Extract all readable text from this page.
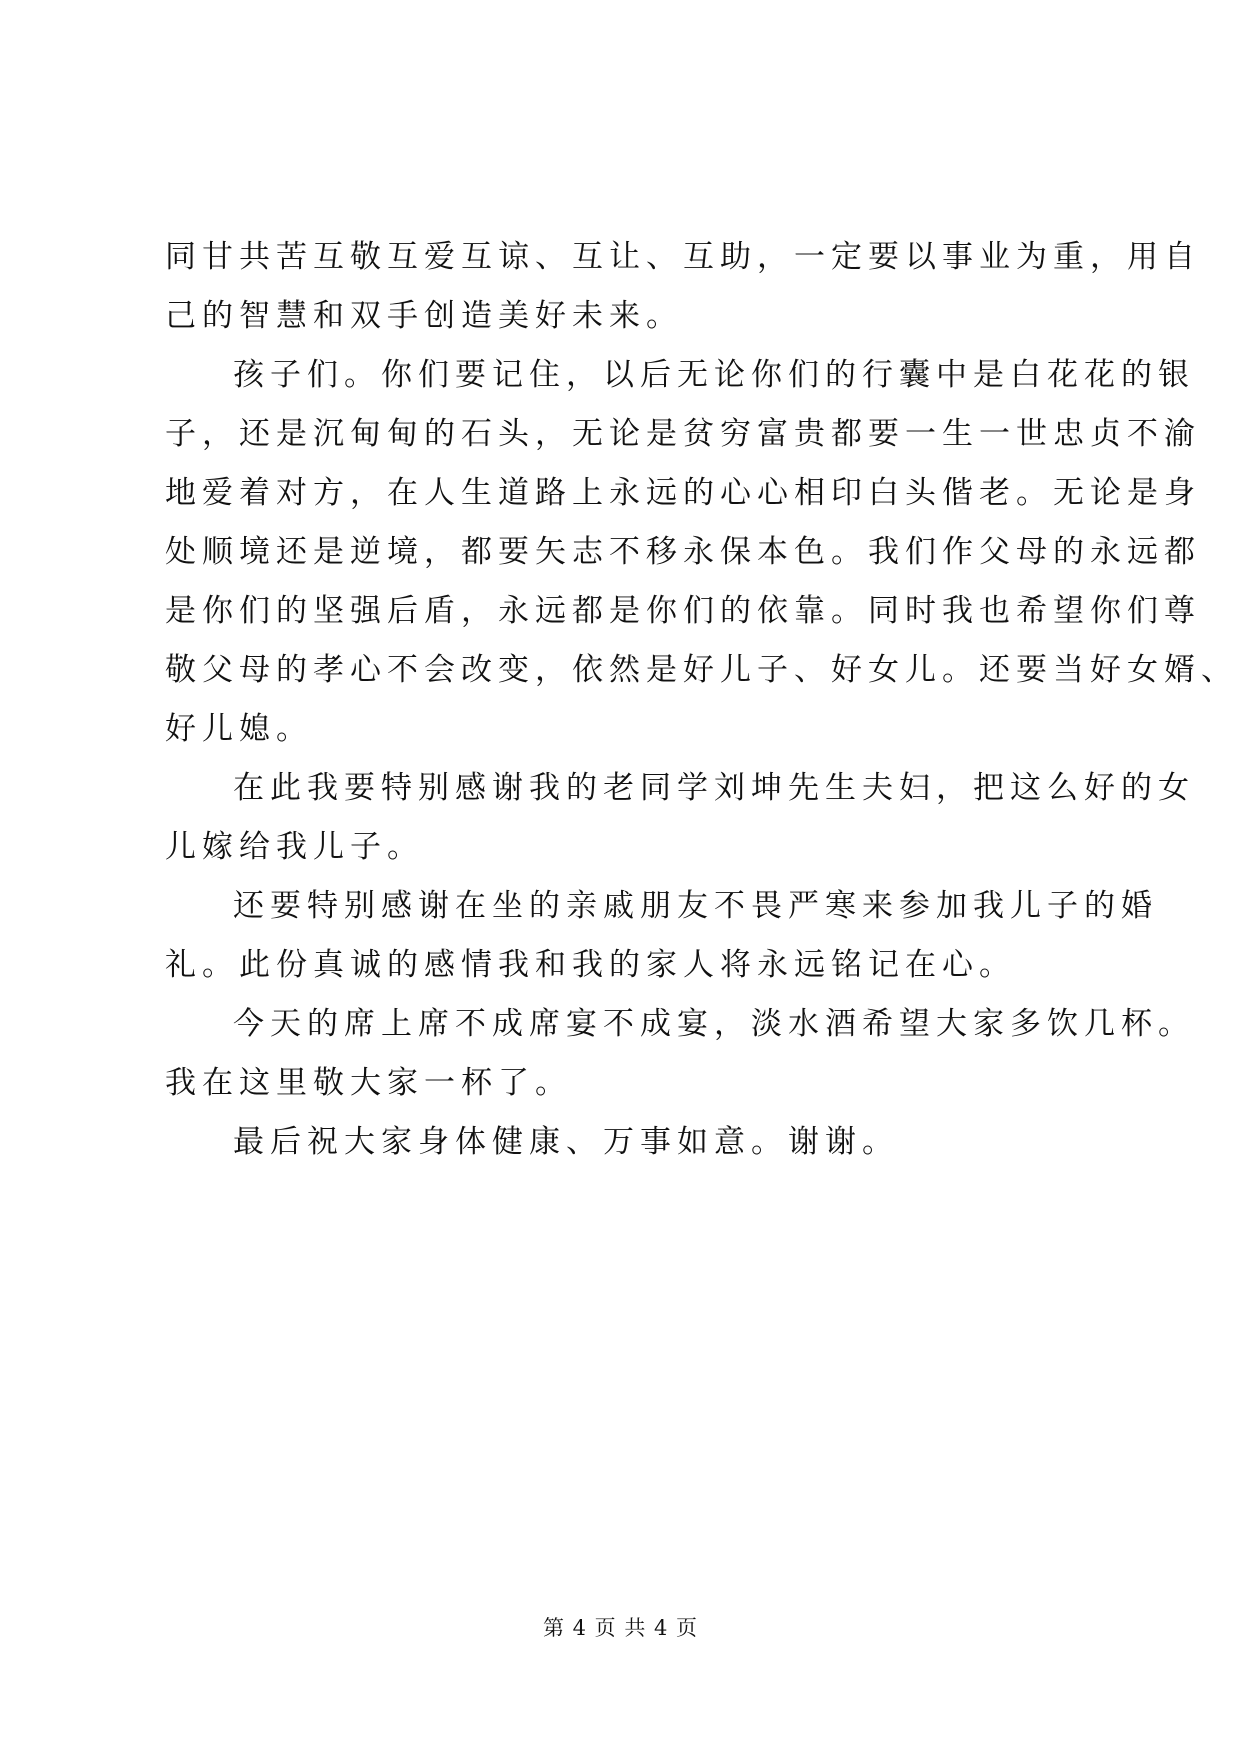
同甘共苦互敬互爱互谅、互让、互助，一定要以事业为重，用自
己的智慧和双手创造美好未来。
孩子们。你们要记住，以后无论你们的行囊中是白花花的银
子，还是沉甸甸的石头，无论是贫穷富贵都要一生一世忠贞不渝
地爱着对方，在人生道路上永远的心心相印白头偕老。无论是身
处顺境还是逆境，都要矢志不移永保本色。我们作父母的永远都
是你们的坚强后盾，永远都是你们的依靠。同时我也希望你们尊
敬父母的孝心不会改变，依然是好儿子、好女儿。还要当好女婿、
好儿媳。
在此我要特别感谢我的老同学刘坤先生夫妇，把这么好的女
儿嫁给我儿子。
还要特别感谢在坐的亲戚朋友不畏严寒来参加我儿子的婚
礼。此份真诚的感情我和我的家人将永远铭记在心。
今天的席上席不成席宴不成宴，淡水酒希望大家多饮几杯。
我在这里敬大家一杯了。
最后祝大家身体健康、万事如意。谢谢。
第 4 页 共 4 页
